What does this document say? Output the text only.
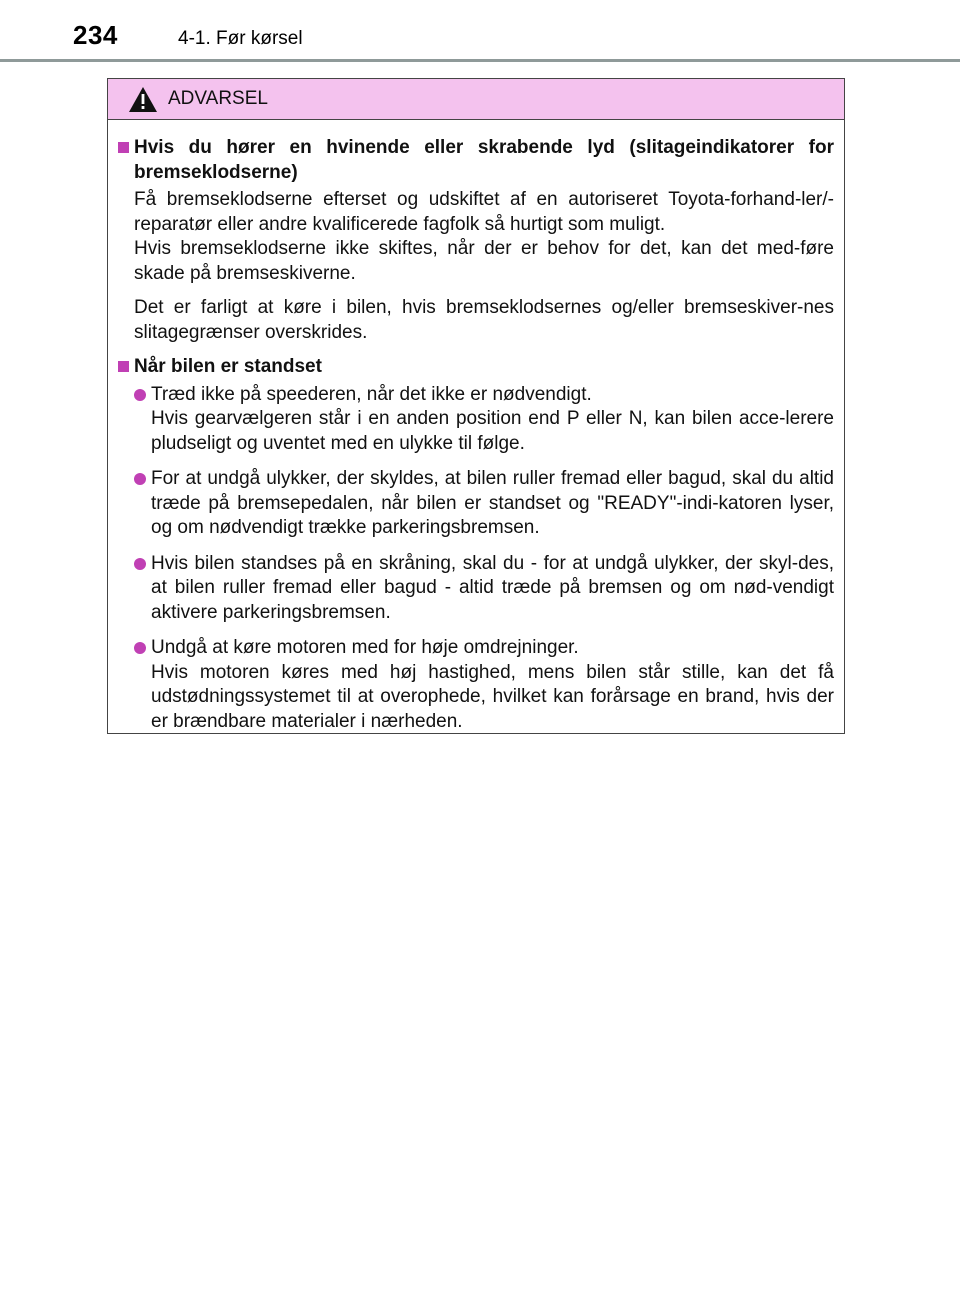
234	4-1. Før kørsel
ADVARSEL
Hvis du hører en hvinende eller skrabende lyd (slitageindikatorer for bremseklodserne)
Få bremseklodserne efterset og udskiftet af en autoriseret Toyota-forhand-ler/-reparatør eller andre kvalificerede fagfolk så hurtigt som muligt.
Hvis bremseklodserne ikke skiftes, når der er behov for det, kan det med-føre skade på bremseskiverne.
Det er farligt at køre i bilen, hvis bremseklodsernes og/eller bremseskiver-nes slitagegrænser overskrides.
Når bilen er standset
Træd ikke på speederen, når det ikke er nødvendigt.
Hvis gearvælgeren står i en anden position end P eller N, kan bilen acce-lerere pludseligt og uventet med en ulykke til følge.
For at undgå ulykker, der skyldes, at bilen ruller fremad eller bagud, skal du altid træde på bremsepedalen, når bilen er standset og "READY"-indi-katoren lyser, og om nødvendigt trække parkeringsbremsen.
Hvis bilen standses på en skråning, skal du - for at undgå ulykker, der skyl-des, at bilen ruller fremad eller bagud - altid træde på bremsen og om nød-vendigt aktivere parkeringsbremsen.
Undgå at køre motoren med for høje omdrejninger.
Hvis motoren køres med høj hastighed, mens bilen står stille, kan det få udstødningssystemet til at overophede, hvilket kan forårsage en brand, hvis der er brændbare materialer i nærheden.
